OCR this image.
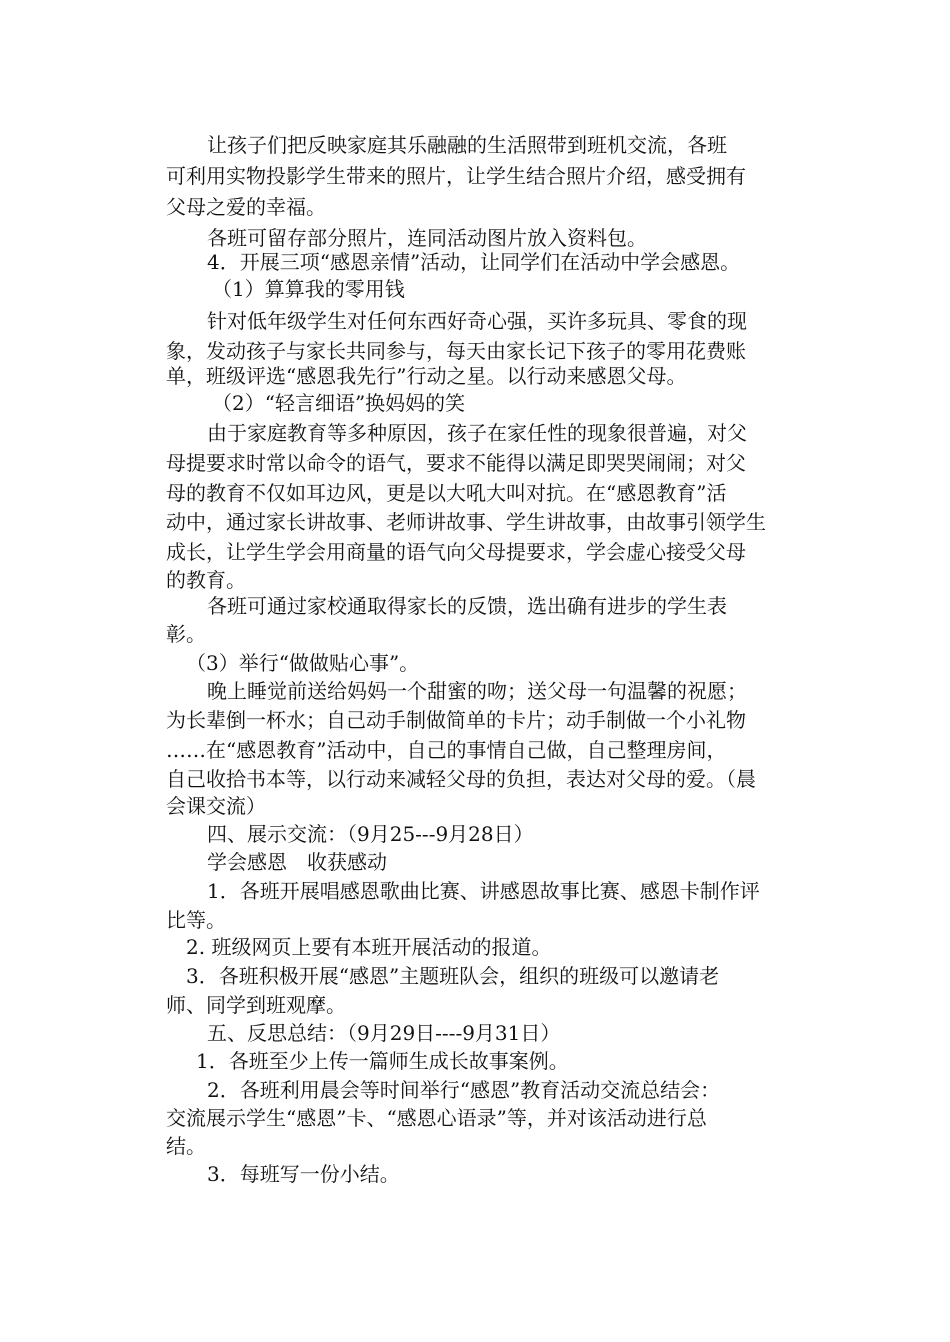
让孩子们把反映家庭其乐融融的生活照带到班机交流，各班
可利用实物投影学生带来的照片，让学生结合照片介绍，感受拥有
父母之爱的幸福。
各班可留存部分照片，连同活动图片放入资料包。
4．开展三项“感恩亲情”活动，让同学们在活动中学会感恩。
（1）算算我的零用钱
针对低年级学生对任何东西好奇心强，买许多玩具、零食的现
象，发动孩子与家长共同参与，每天由家长记下孩子的零用花费账
单，班级评选“感恩我先行”行动之星。以行动来感恩父母。
（2）“轻言细语”换妈妈的笑
由于家庭教育等多种原因，孩子在家任性的现象很普遍，对父
母提要求时常以命令的语气，要求不能得以满足即哭哭闹闹；对父
母的教育不仅如耳边风，更是以大吼大叫对抗。在“感恩教育”活
动中，通过家长讲故事、老师讲故事、学生讲故事，由故事引领学生
成长，让学生学会用商量的语气向父母提要求，学会虚心接受父母
的教育。
各班可通过家校通取得家长的反馈，选出确有进步的学生表
彰。
（3）举行“做做贴心事”。
晚上睡觉前送给妈妈一个甜蜜的吻；送父母一句温馨的祝愿；
为长辈倒一杯水；自己动手制做简单的卡片；动手制做一个小礼物
……在“感恩教育”活动中，自己的事情自己做，自己整理房间，
自己收拾书本等，以行动来减轻父母的负担，表达对父母的爱。（晨
会课交流）
四、展示交流：（9月25---9月28日）
学会感恩　收获感动
1．各班开展唱感恩歌曲比赛、讲感恩故事比赛、感恩卡制作评
比等。
2. 班级网页上要有本班开展活动的报道。
3．各班积极开展“感恩”主题班队会，组织的班级可以邀请老
师、同学到班观摩。
五、反思总结：（9月29日----9月31日）
1．各班至少上传一篇师生成长故事案例。
2．各班利用晨会等时间举行“感恩”教育活动交流总结会：
交流展示学生“感恩”卡、“感恩心语录”等，并对该活动进行总
结。
3．每班写一份小结。
